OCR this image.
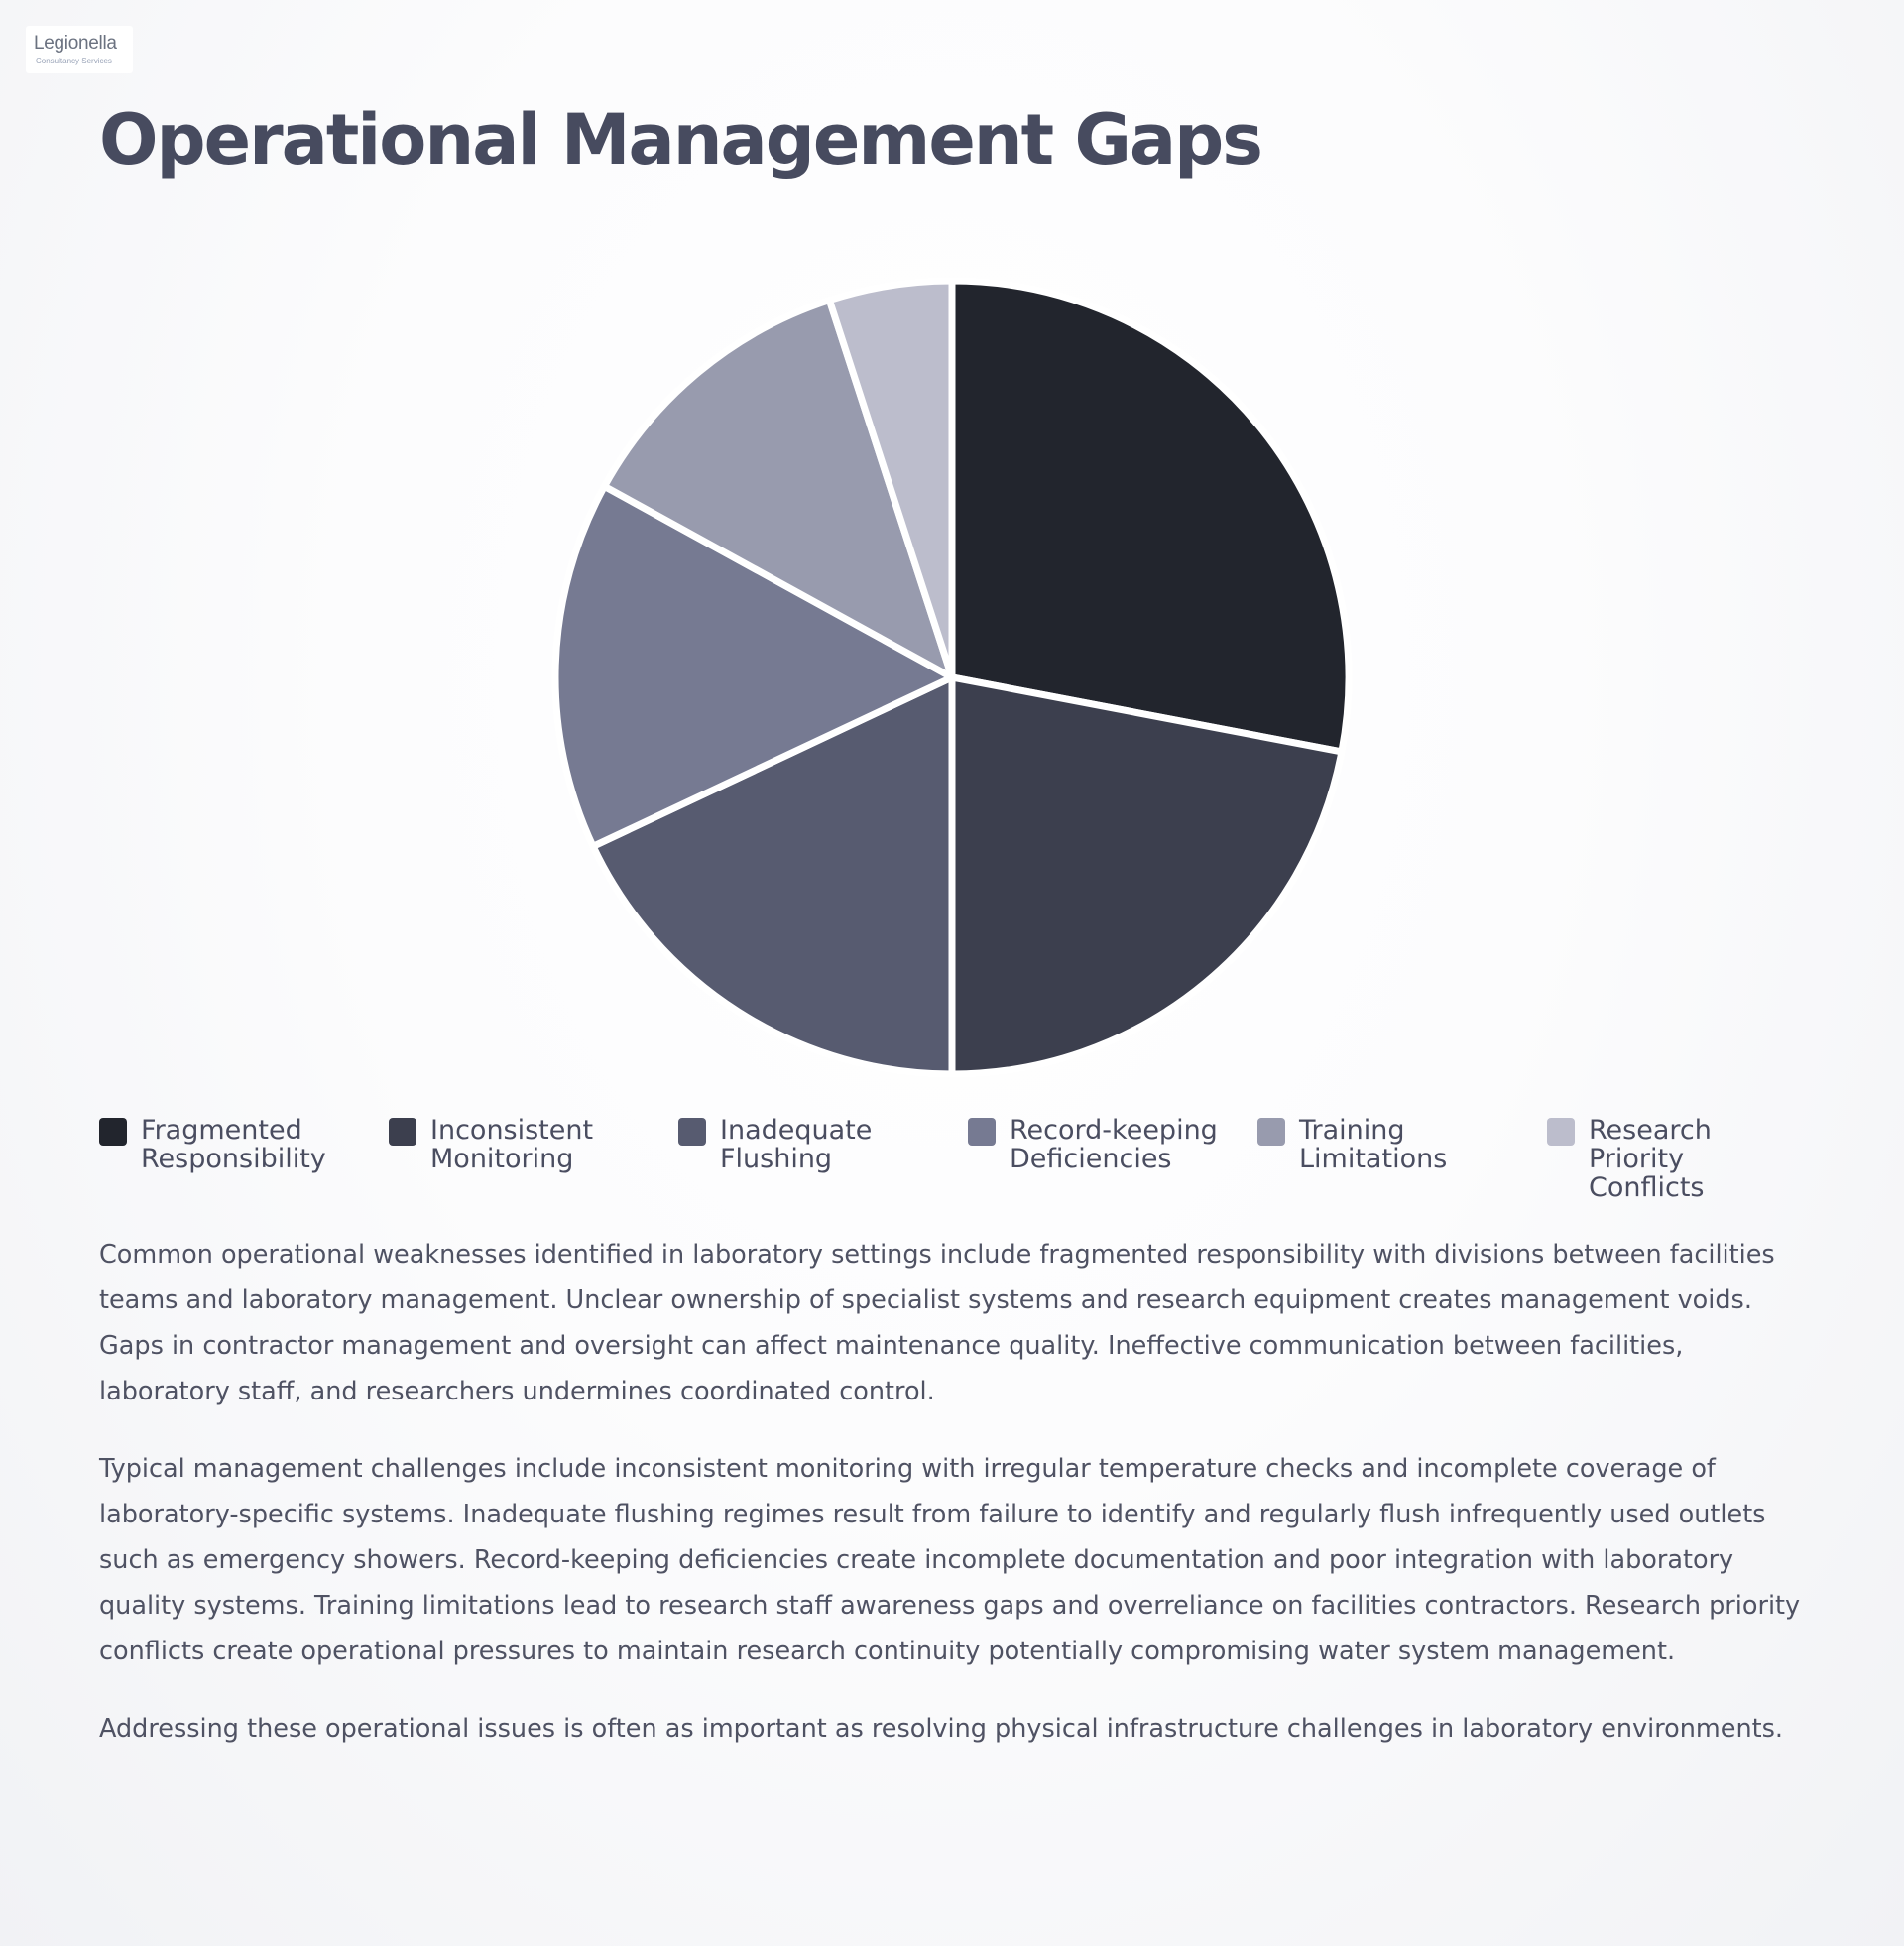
Legionella
Consultancy Services
Operational Management Gaps
Fragmented Responsibility
Inconsistent Monitoring
Inadequate Flushing
Record-keeping Deficiencies
Training Limitations
Research Priority Conflicts

Common operational weaknesses identified in laboratory settings include fragmented responsibility with divisions between facilities teams and laboratory management. Unclear ownership of specialist systems and research equipment creates management voids. Gaps in contractor management and oversight can affect maintenance quality. Ineffective communication between facilities, laboratory staff, and researchers undermines coordinated control.

Typical management challenges include inconsistent monitoring with irregular temperature checks and incomplete coverage of laboratory-specific systems. Inadequate flushing regimes result from failure to identify and regularly flush infrequently used outlets such as emergency showers. Record-keeping deficiencies create incomplete documentation and poor integration with laboratory quality systems. Training limitations lead to research staff awareness gaps and overreliance on facilities contractors. Research priority conflicts create operational pressures to maintain research continuity potentially compromising water system management.

Addressing these operational issues is often as important as resolving physical infrastructure challenges in laboratory environments.
